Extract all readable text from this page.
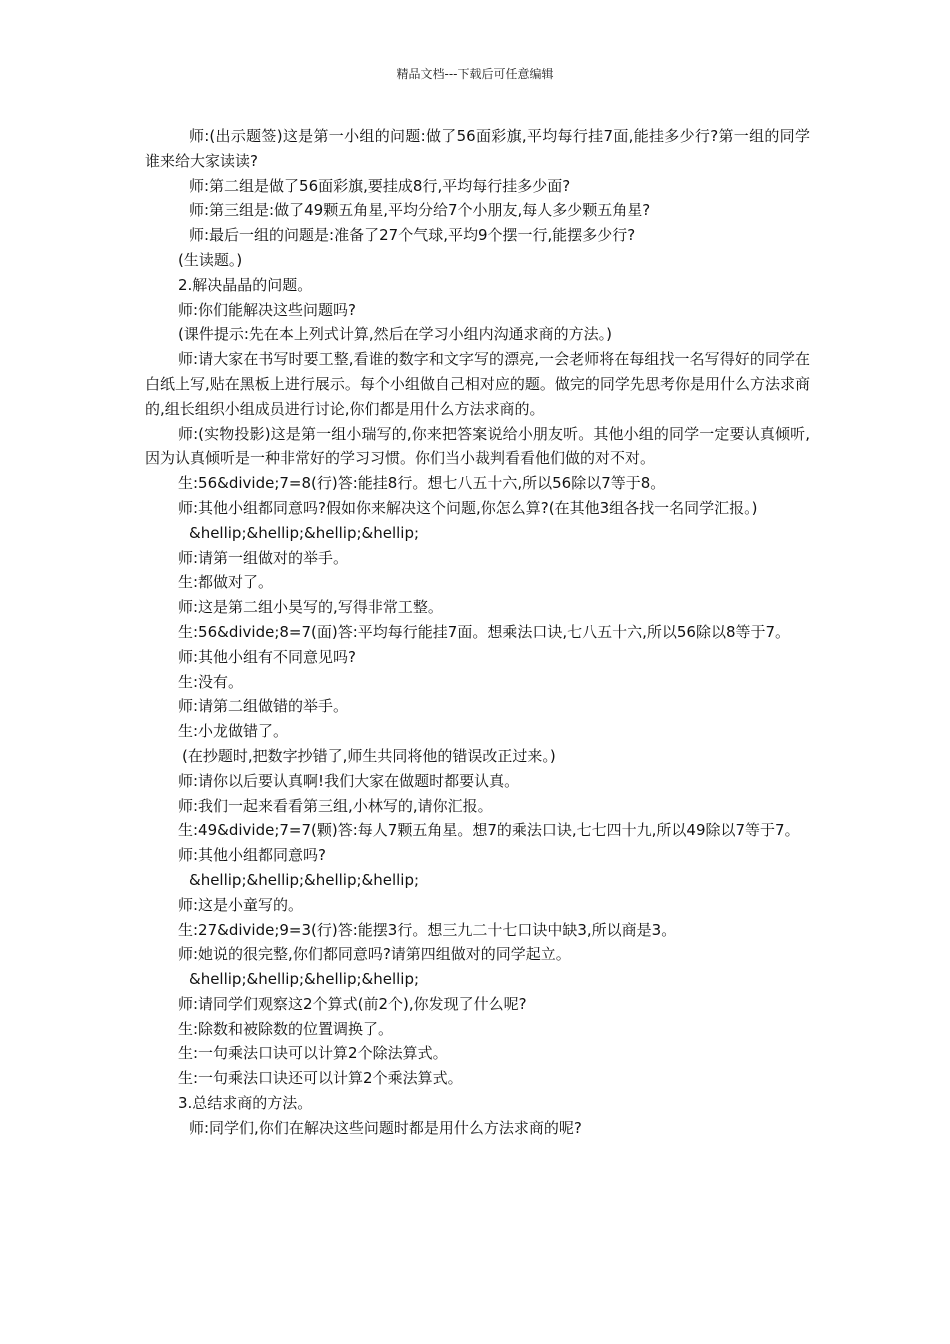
精品文档---下载后可任意编辑

师:(出示题签)这是第一小组的问题:做了56面彩旗,平均每行挂7面,能挂多少行?第一组的同学谁来给大家读读?

师:第二组是做了56面彩旗,要挂成8行,平均每行挂多少面?

师:第三组是:做了49颗五角星,平均分给7个小朋友,每人多少颗五角星?

师:最后一组的问题是:准备了27个气球,平均9个摆一行,能摆多少行?

(生读题。)

2.解决晶晶的问题。

师:你们能解决这些问题吗?

(课件提示:先在本上列式计算,然后在学习小组内沟通求商的方法。)

师:请大家在书写时要工整,看谁的数字和文字写的漂亮,一会老师将在每组找一名写得好的同学在白纸上写,贴在黑板上进行展示。每个小组做自己相对应的题。做完的同学先思考你是用什么方法求商的,组长组织小组成员进行讨论,你们都是用什么方法求商的。

师:(实物投影)这是第一组小瑞写的,你来把答案说给小朋友听。其他小组的同学一定要认真倾听,因为认真倾听是一种非常好的学习习惯。你们当小裁判看看他们做的对不对。

生:56&divide;7=8(行)答:能挂8行。想七八五十六,所以56除以7等于8。

师:其他小组都同意吗?假如你来解决这个问题,你怎么算?(在其他3组各找一名同学汇报。)

&hellip;&hellip;&hellip;&hellip;

师:请第一组做对的举手。

生:都做对了。

师:这是第二组小昊写的,写得非常工整。

生:56&divide;8=7(面)答:平均每行能挂7面。想乘法口诀,七八五十六,所以56除以8等于7。

师:其他小组有不同意见吗?

生:没有。

师:请第二组做错的举手。

生:小龙做错了。

(在抄题时,把数字抄错了,师生共同将他的错误改正过来。)

师:请你以后要认真啊!我们大家在做题时都要认真。

师:我们一起来看看第三组,小林写的,请你汇报。

生:49&divide;7=7(颗)答:每人7颗五角星。想7的乘法口诀,七七四十九,所以49除以7等于7。

师:其他小组都同意吗?

&hellip;&hellip;&hellip;&hellip;

师:这是小童写的。

生:27&divide;9=3(行)答:能摆3行。想三九二十七口诀中缺3,所以商是3。

师:她说的很完整,你们都同意吗?请第四组做对的同学起立。

&hellip;&hellip;&hellip;&hellip;

师:请同学们观察这2个算式(前2个),你发现了什么呢?

生:除数和被除数的位置调换了。

生:一句乘法口诀可以计算2个除法算式。

生:一句乘法口诀还可以计算2个乘法算式。

3.总结求商的方法。

师:同学们,你们在解决这些问题时都是用什么方法求商的呢?
